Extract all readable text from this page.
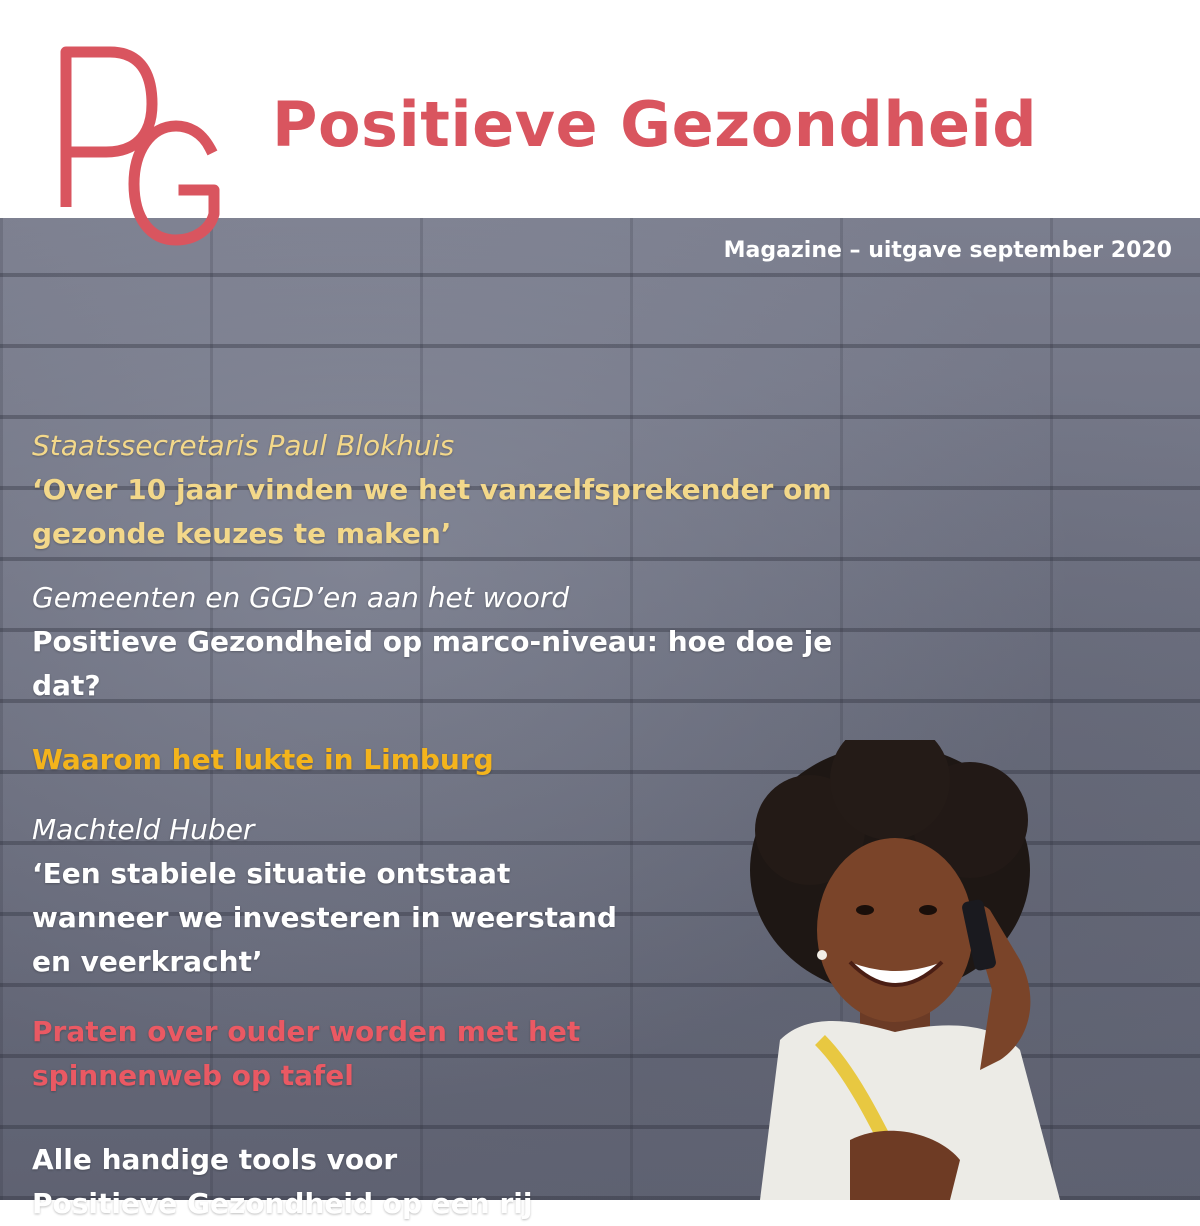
Positieve Gezondheid
Magazine – uitgave september 2020
Staatssecretaris Paul Blokhuis
‘Over 10 jaar vinden we het vanzelfsprekender om
gezonde keuzes te maken’
Gemeenten en GGD’en aan het woord
Positieve Gezondheid op marco-niveau: hoe doe je
dat?
Waarom het lukte in Limburg
Machteld Huber
‘Een stabiele situatie ontstaat
wanneer we investeren in weerstand
en veerkracht’
Praten over ouder worden met het
spinnenweb op tafel
Alle handige tools voor
Positieve Gezondheid op een rij
